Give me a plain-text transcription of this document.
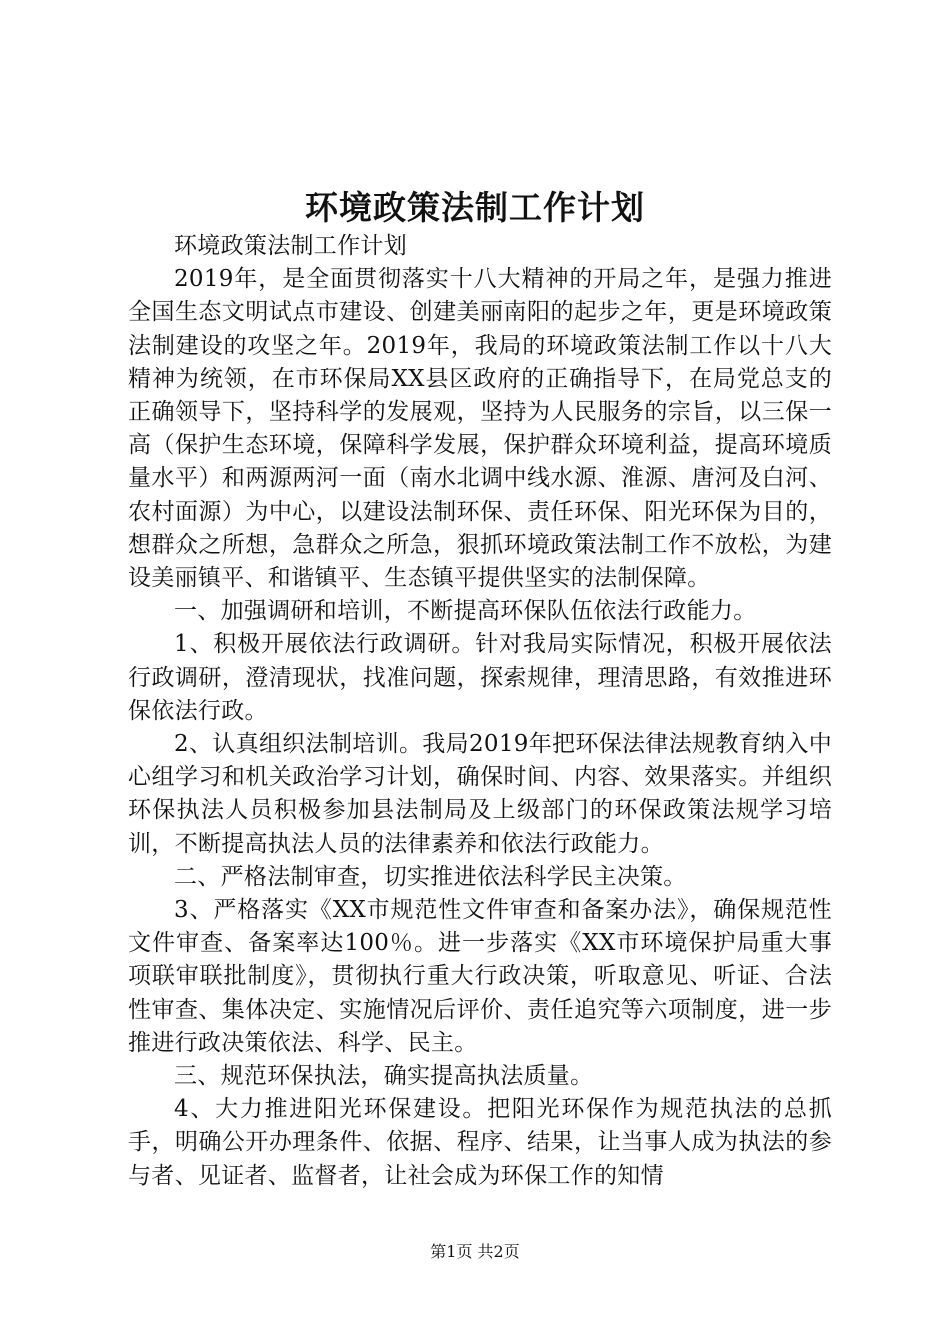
环境政策法制工作计划

环境政策法制工作计划

2019年，是全面贯彻落实十八大精神的开局之年，是强力推进全国生态文明试点市建设、创建美丽南阳的起步之年，更是环境政策法制建设的攻坚之年。2019年，我局的环境政策法制工作以十八大精神为统领，在市环保局XX县区政府的正确指导下，在局党总支的正确领导下，坚持科学的发展观，坚持为人民服务的宗旨，以三保一高（保护生态环境，保障科学发展，保护群众环境利益，提高环境质量水平）和两源两河一面（南水北调中线水源、淮源、唐河及白河、农村面源）为中心，以建设法制环保、责任环保、阳光环保为目的，想群众之所想，急群众之所急，狠抓环境政策法制工作不放松，为建设美丽镇平、和谐镇平、生态镇平提供坚实的法制保障。

一、加强调研和培训，不断提高环保队伍依法行政能力。

1、积极开展依法行政调研。针对我局实际情况，积极开展依法行政调研，澄清现状，找准问题，探索规律，理清思路，有效推进环保依法行政。

2、认真组织法制培训。我局2019年把环保法律法规教育纳入中心组学习和机关政治学习计划，确保时间、内容、效果落实。并组织环保执法人员积极参加县法制局及上级部门的环保政策法规学习培训，不断提高执法人员的法律素养和依法行政能力。

二、严格法制审查，切实推进依法科学民主决策。

3、严格落实《XX市规范性文件审查和备案办法》，确保规范性文件审查、备案率达100％。进一步落实《XX市环境保护局重大事项联审联批制度》，贯彻执行重大行政决策，听取意见、听证、合法性审查、集体决定、实施情况后评价、责任追究等六项制度，进一步推进行政决策依法、科学、民主。

三、规范环保执法，确实提高执法质量。

4、大力推进阳光环保建设。把阳光环保作为规范执法的总抓手，明确公开办理条件、依据、程序、结果，让当事人成为执法的参与者、见证者、监督者，让社会成为环保工作的知情

第1页 共2页
